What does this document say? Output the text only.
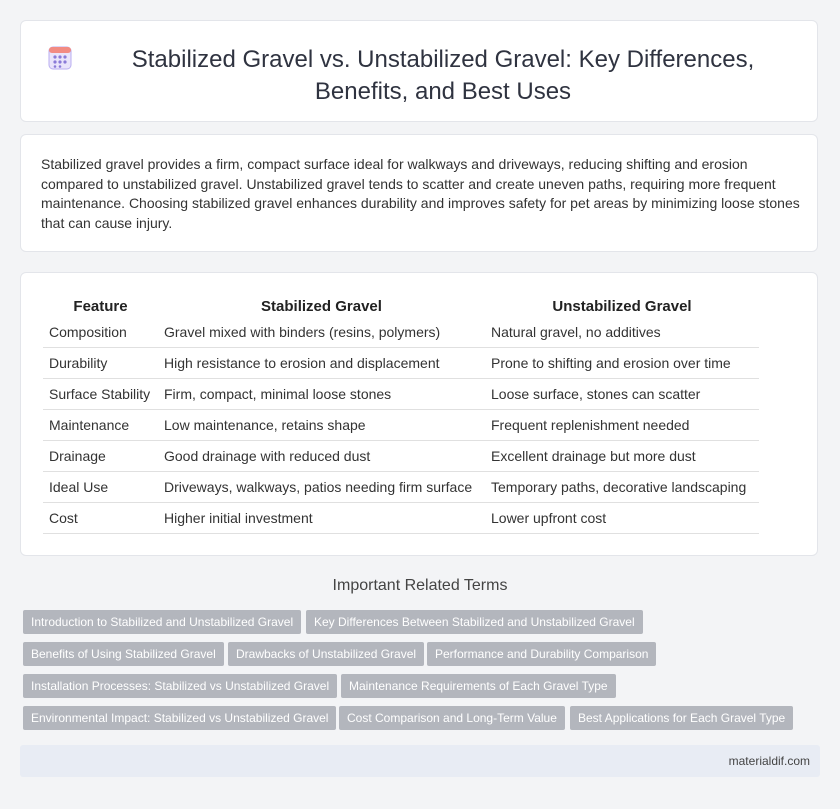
Stabilized Gravel vs. Unstabilized Gravel: Key Differences, Benefits, and Best Uses

Stabilized gravel provides a firm, compact surface ideal for walkways and driveways, reducing shifting and erosion compared to unstabilized gravel. Unstabilized gravel tends to scatter and create uneven paths, requiring more frequent maintenance. Choosing stabilized gravel enhances durability and improves safety for pet areas by minimizing loose stones that can cause injury.

Feature	Stabilized Gravel	Unstabilized Gravel
Composition	Gravel mixed with binders (resins, polymers)	Natural gravel, no additives
Durability	High resistance to erosion and displacement	Prone to shifting and erosion over time
Surface Stability	Firm, compact, minimal loose stones	Loose surface, stones can scatter
Maintenance	Low maintenance, retains shape	Frequent replenishment needed
Drainage	Good drainage with reduced dust	Excellent drainage but more dust
Ideal Use	Driveways, walkways, patios needing firm surface	Temporary paths, decorative landscaping
Cost	Higher initial investment	Lower upfront cost
Important Related Terms
Introduction to Stabilized and Unstabilized Gravel	Key Differences Between Stabilized and Unstabilized Gravel
Benefits of Using Stabilized Gravel	Drawbacks of Unstabilized Gravel	Performance and Durability Comparison
Installation Processes: Stabilized vs Unstabilized Gravel	Maintenance Requirements of Each Gravel Type
Environmental Impact: Stabilized vs Unstabilized Gravel	Cost Comparison and Long-Term Value	Best Applications for Each Gravel Type
materialdif.com
